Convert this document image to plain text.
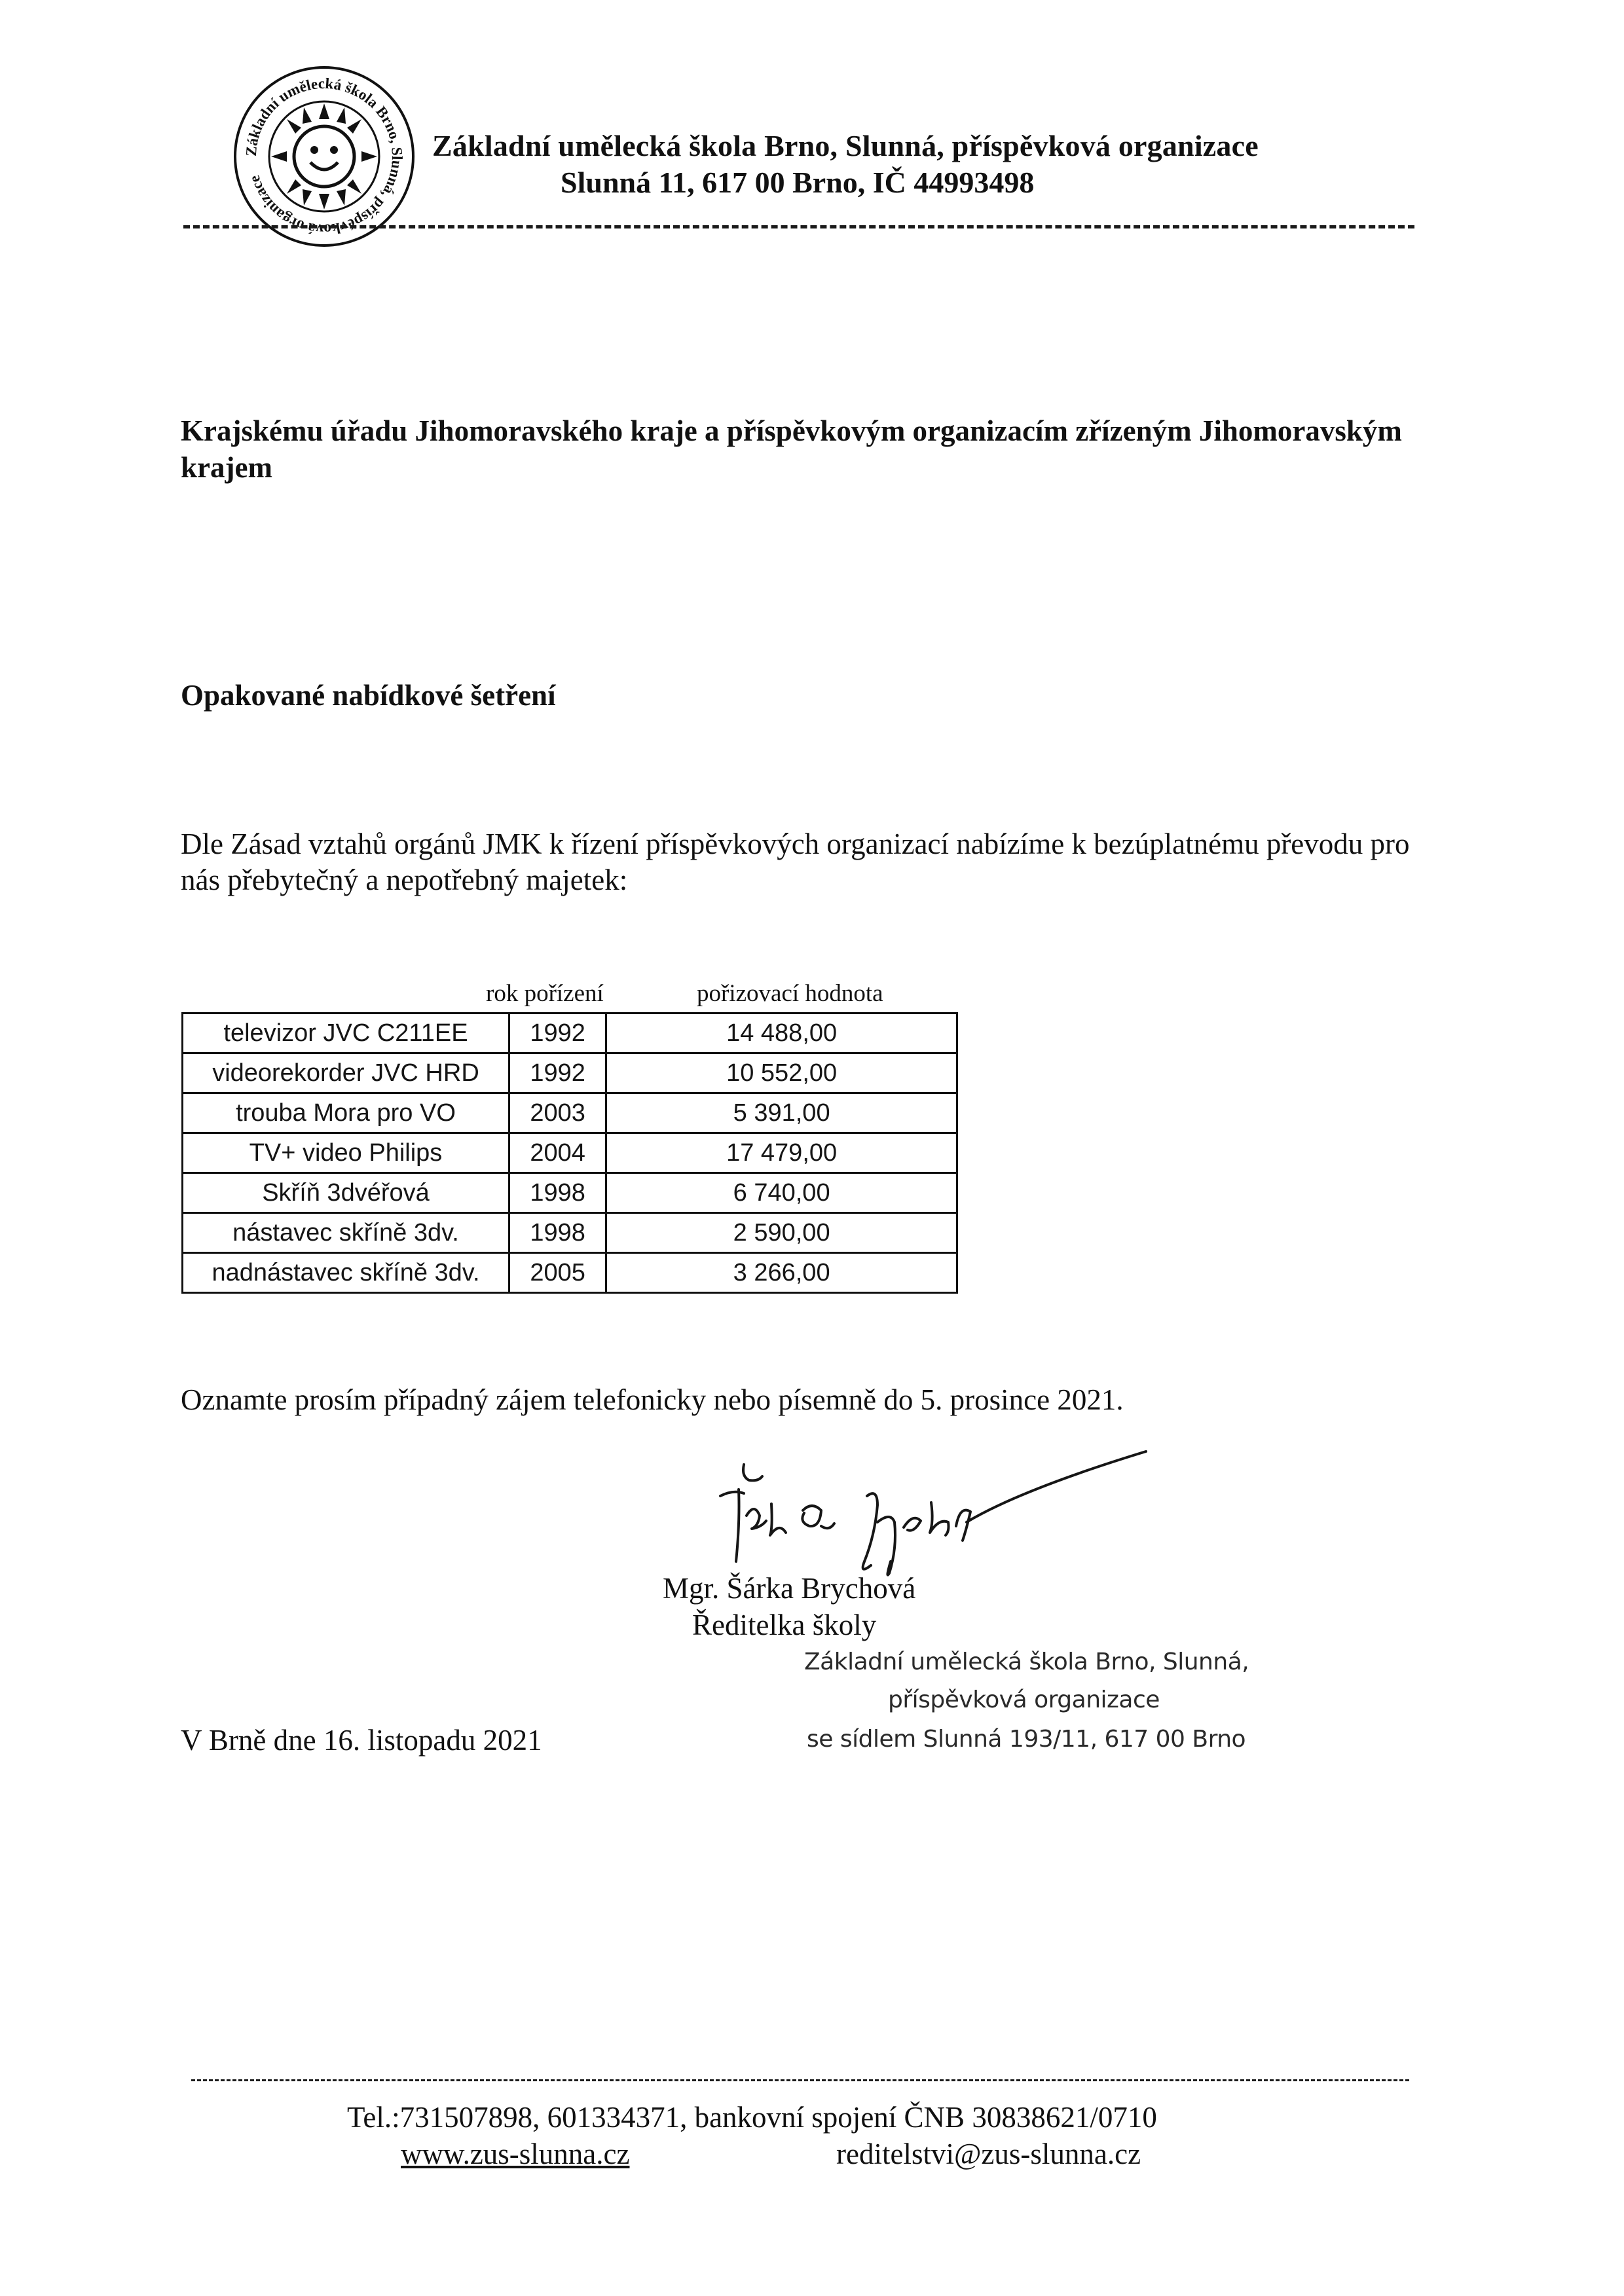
Základní umělecká škola Brno, Slunná, příspěvková organizace
Základní umělecká škola Brno, Slunná, příspěvková organizace
Slunná 11, 617 00 Brno, IČ 44993498
Krajskému úřadu Jihomoravského kraje a příspěvkovým organizacím zřízeným Jihomoravským krajem
Opakované nabídkové šetření
Dle Zásad vztahů orgánů JMK k řízení příspěvkových organizací nabízíme k bezúplatnému převodu pro nás přebytečný a nepotřebný majetek:
rok pořízení	pořizovací hodnota
televizor JVC C211EE	1992	14 488,00
videorekorder JVC HRD	1992	10 552,00
trouba Mora pro VO	2003	5 391,00
TV+ video Philips	2004	17 479,00
Skříň 3dvéřová	1998	6 740,00
nástavec skříně 3dv.	1998	2 590,00
nadnástavec skříně 3dv.	2005	3 266,00
Oznamte prosím případný zájem telefonicky nebo písemně do 5. prosince 2021.
Mgr. Šárka Brychová
Ředitelka školy
Základní umělecká škola Brno, Slunná,
příspěvková organizace
se sídlem Slunná 193/11, 617 00 Brno
V Brně dne 16. listopadu 2021
Tel.:731507898, 601334371, bankovní spojení ČNB 30838621/0710
www.zus-slunna.cz	reditelstvi@zus-slunna.cz
